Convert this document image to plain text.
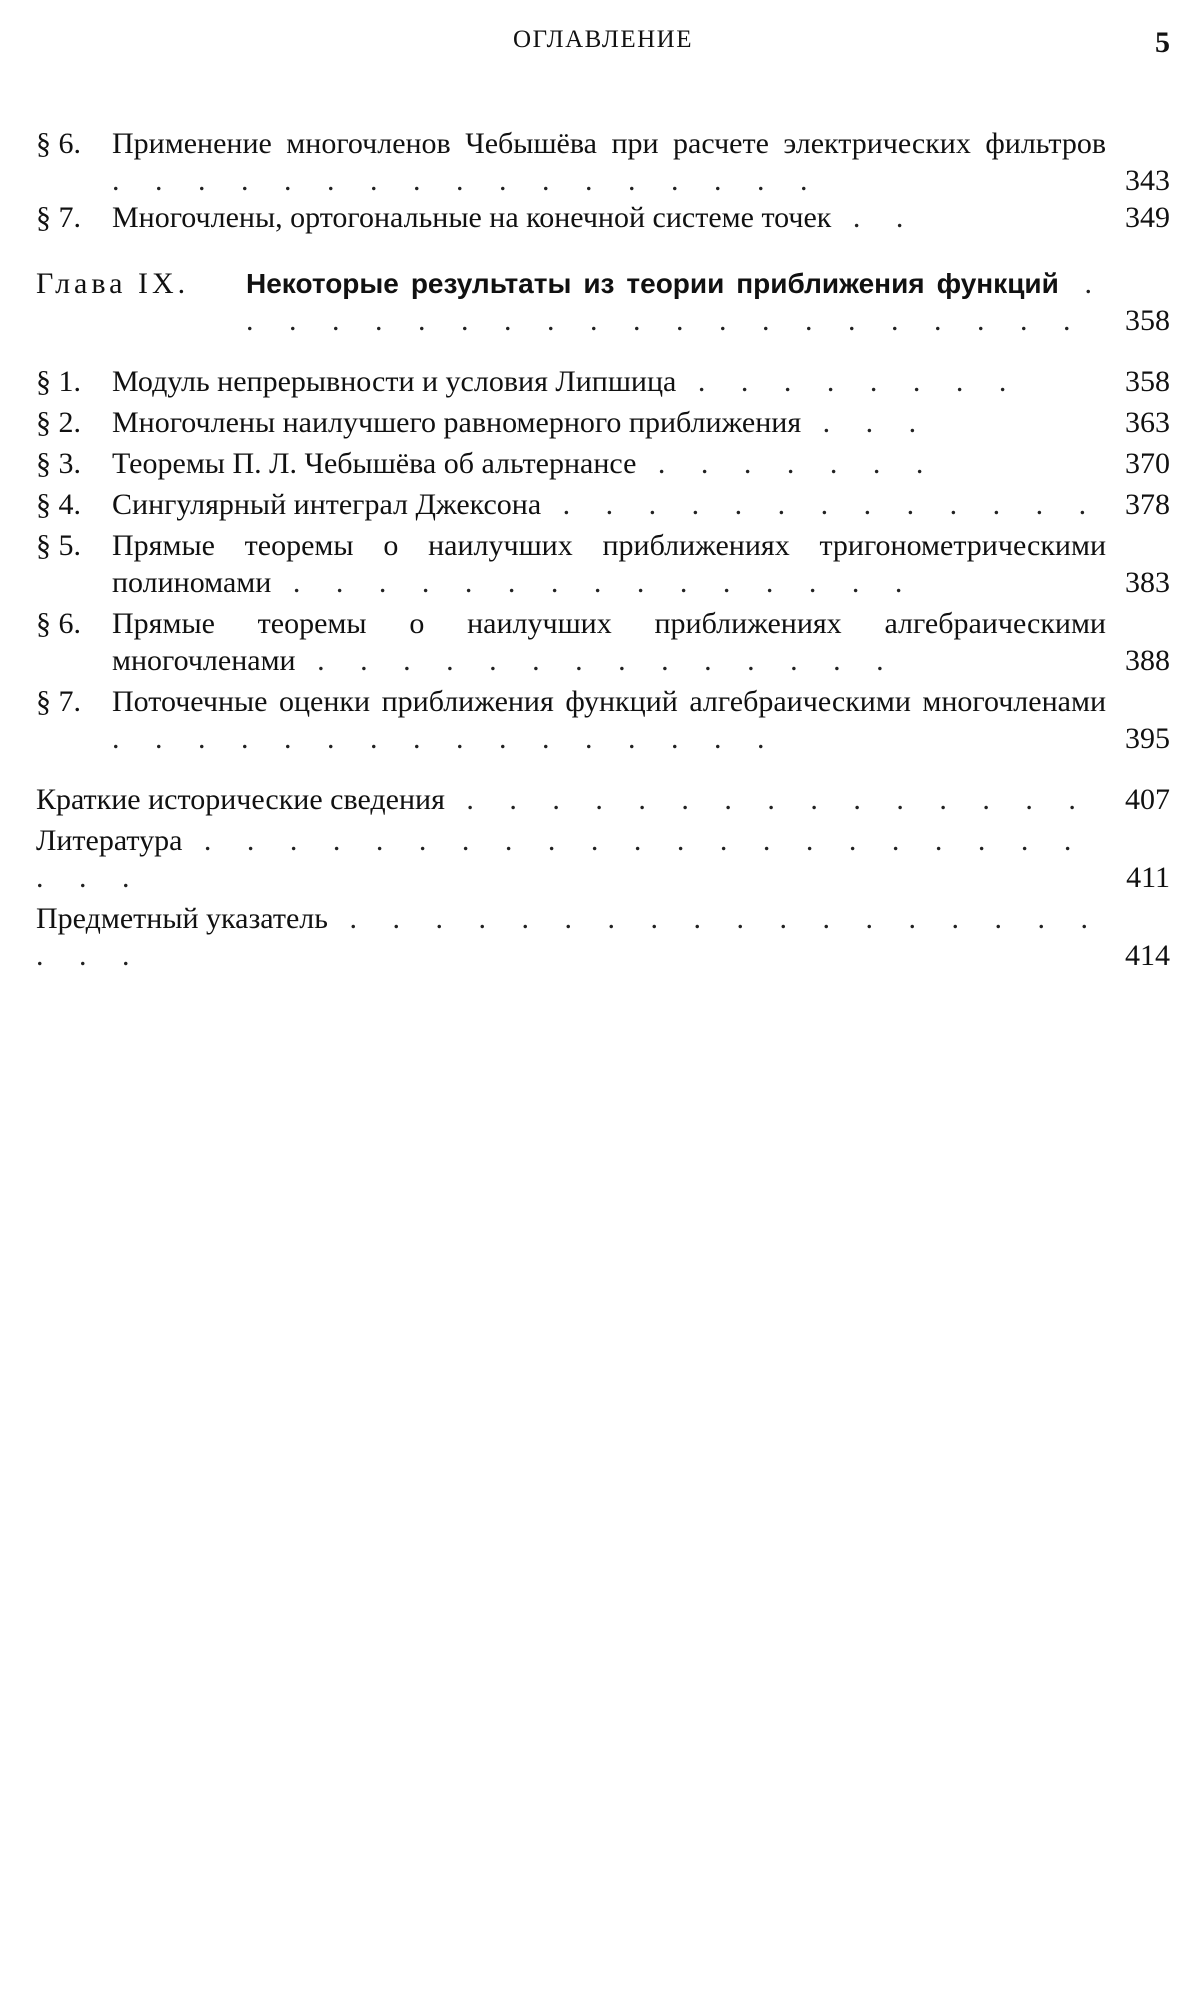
ОГЛАВЛЕНИЕ	5
§ 6.	Применение многочленов Чебышёва при расчете электрических фильтров . . . . . . . . . . . . . . . . .	343
§ 7.	Многочлены, ортогональные на конечной системе точек . .	349
Глава IX.	Некоторые результаты из теории приближения функций . . . . . . . . . . . . . . . . . . . . .	358
§ 1.	Модуль непрерывности и условия Липшица . . . . . . . .	358
§ 2.	Многочлены наилучшего равномерного приближения . . .	363
§ 3.	Теоремы П. Л. Чебышёва об альтернансе . . . . . . .	370
§ 4.	Сингулярный интеграл Джексона . . . . . . . . . . . . . 378
§ 5.	Прямые теоремы о наилучших приближениях тригонометрическими полиномами . . . . . . . . . . . . . . .	383
§ 6.	Прямые теоремы о наилучших приближениях алгебраическими многочленами . . . . . . . . . . . . . .	388
§ 7.	Поточечные оценки приближения функций алгебраическими многочленами . . . . . . . . . . . . . . . .	395
Краткие исторические сведения . . . . . . . . . . . . . . .	407
Литература . . . . . . . . . . . . . . . . . . . . . . . .	411
Предметный указатель . . . . . . . . . . . . . . . . . . . . .	414
